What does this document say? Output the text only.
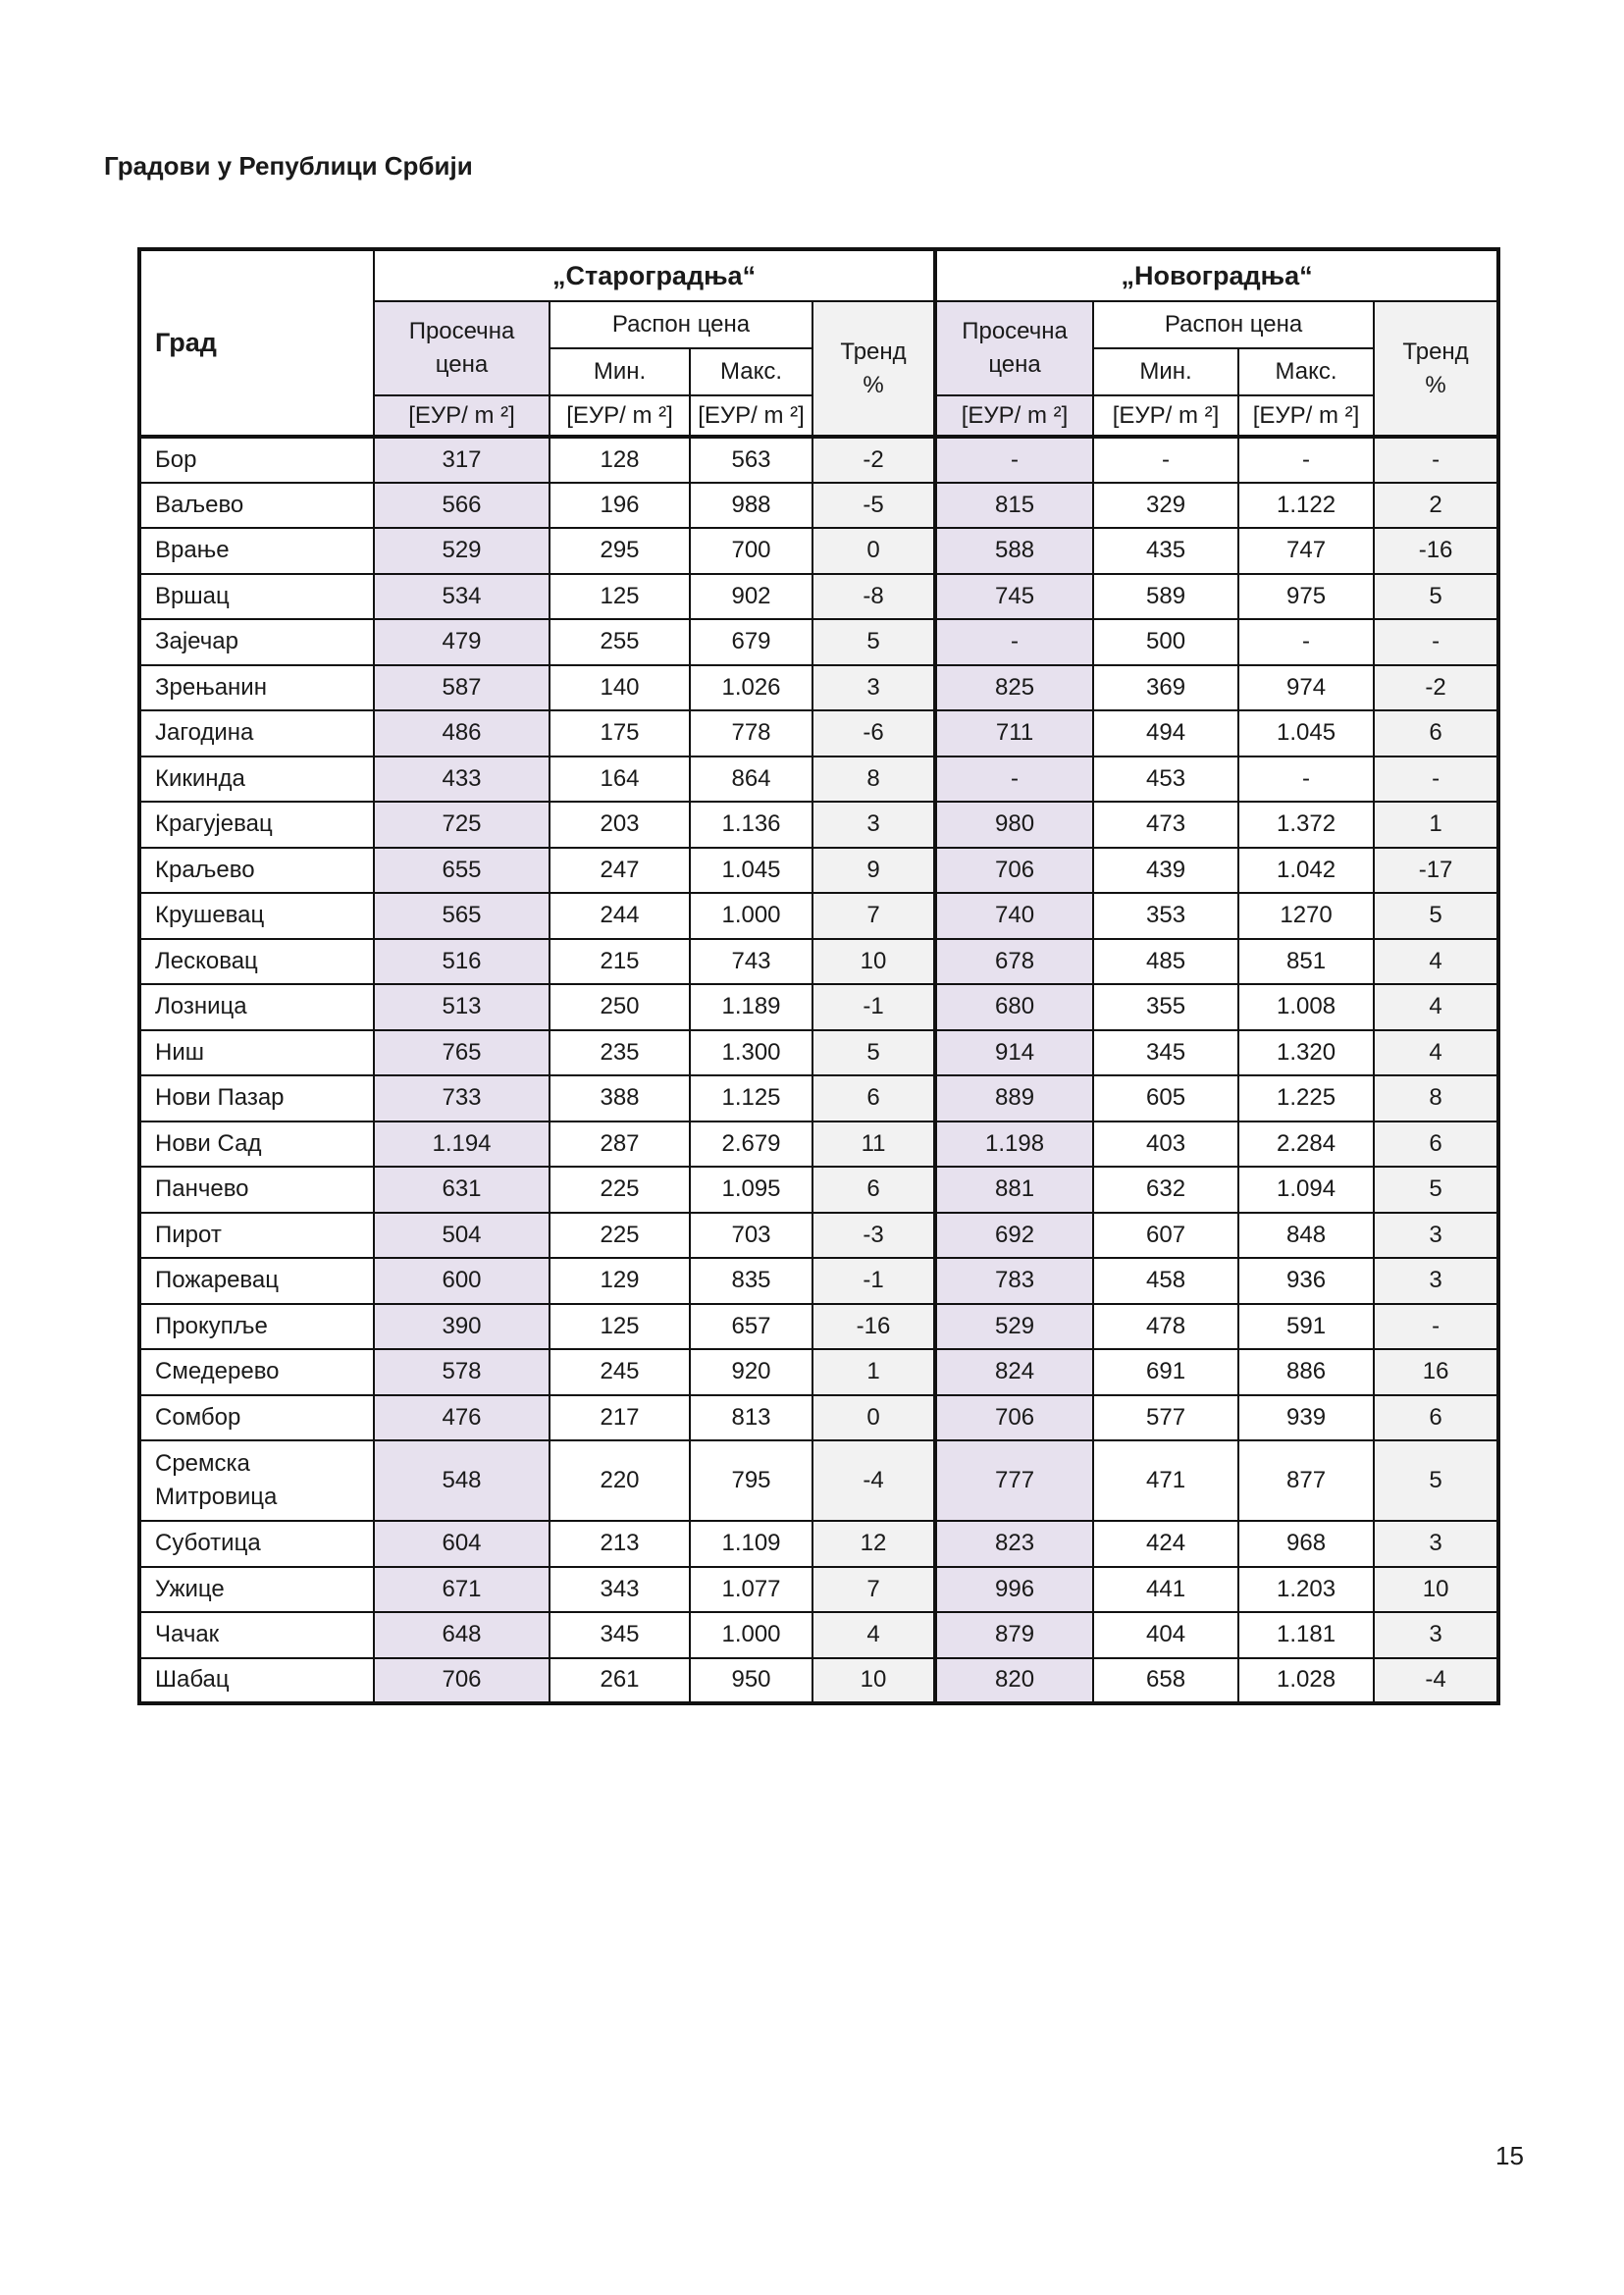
Градови у Републици Србији
Град	„Староградња“				„Новоградња“			
	Просечна цена	Распон цена		Тренд %	Просечна цена	Распон цена		Тренд %
		Мин.	Макс.			Мин.	Макс.	
	[ЕУР/ m ²]	[ЕУР/ m ²]	[ЕУР/ m ²]		[ЕУР/ m ²]	[ЕУР/ m ²]	[ЕУР/ m ²]	
Бор	317	128	563	-2	-	-	-	-
Ваљево	566	196	988	-5	815	329	1.122	2
Врање	529	295	700	0	588	435	747	-16
Вршац	534	125	902	-8	745	589	975	5
Зајечар	479	255	679	5	-	500	-	-
Зрењанин	587	140	1.026	3	825	369	974	-2
Јагодина	486	175	778	-6	711	494	1.045	6
Кикинда	433	164	864	8	-	453	-	-
Крагујевац	725	203	1.136	3	980	473	1.372	1
Краљево	655	247	1.045	9	706	439	1.042	-17
Крушевац	565	244	1.000	7	740	353	1270	5
Лесковац	516	215	743	10	678	485	851	4
Лозница	513	250	1.189	-1	680	355	1.008	4
Ниш	765	235	1.300	5	914	345	1.320	4
Нови Пазар	733	388	1.125	6	889	605	1.225	8
Нови Сад	1.194	287	2.679	11	1.198	403	2.284	6
Панчево	631	225	1.095	6	881	632	1.094	5
Пирот	504	225	703	-3	692	607	848	3
Пожаревац	600	129	835	-1	783	458	936	3
Прокупље	390	125	657	-16	529	478	591	-
Смедерево	578	245	920	1	824	691	886	16
Сомбор	476	217	813	0	706	577	939	6
Сремска Митровица	548	220	795	-4	777	471	877	5
Суботица	604	213	1.109	12	823	424	968	3
Ужице	671	343	1.077	7	996	441	1.203	10
Чачак	648	345	1.000	4	879	404	1.181	3
Шабац	706	261	950	10	820	658	1.028	-4
15
